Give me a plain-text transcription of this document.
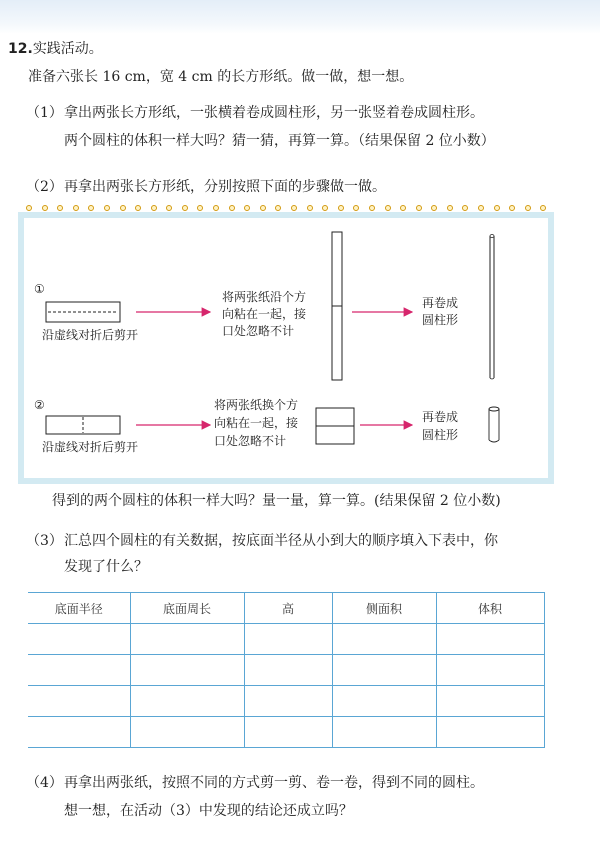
12.实践活动。
准备六张长 16 cm，宽 4 cm 的长方形纸。做一做，想一想。
（1） 拿出两张长方形纸，一张横着卷成圆柱形，另一张竖着卷成圆柱形。
两个圆柱的体积一样大吗？猜一猜，再算一算。（结果保留 2 位小数）
（2） 再拿出两张长方形纸，分别按照下面的步骤做一做。
①
沿虚线对折后剪开
将两张纸沿个方
向粘在一起，接
口处忽略不计
再卷成
圆柱形
②
沿虚线对折后剪开
将两张纸换个方
向粘在一起，接
口处忽略不计
再卷成
圆柱形
得到的两个圆柱的体积一样大吗？量一量，算一算。(结果保留 2 位小数)
（3） 汇总四个圆柱的有关数据，按底面半径从小到大的顺序填入下表中，你
发现了什么？
底面半径	底面周长	高	侧面积	体积

（4） 再拿出两张纸，按照不同的方式剪一剪、卷一卷，得到不同的圆柱。
想一想，在活动（3）中发现的结论还成立吗？
